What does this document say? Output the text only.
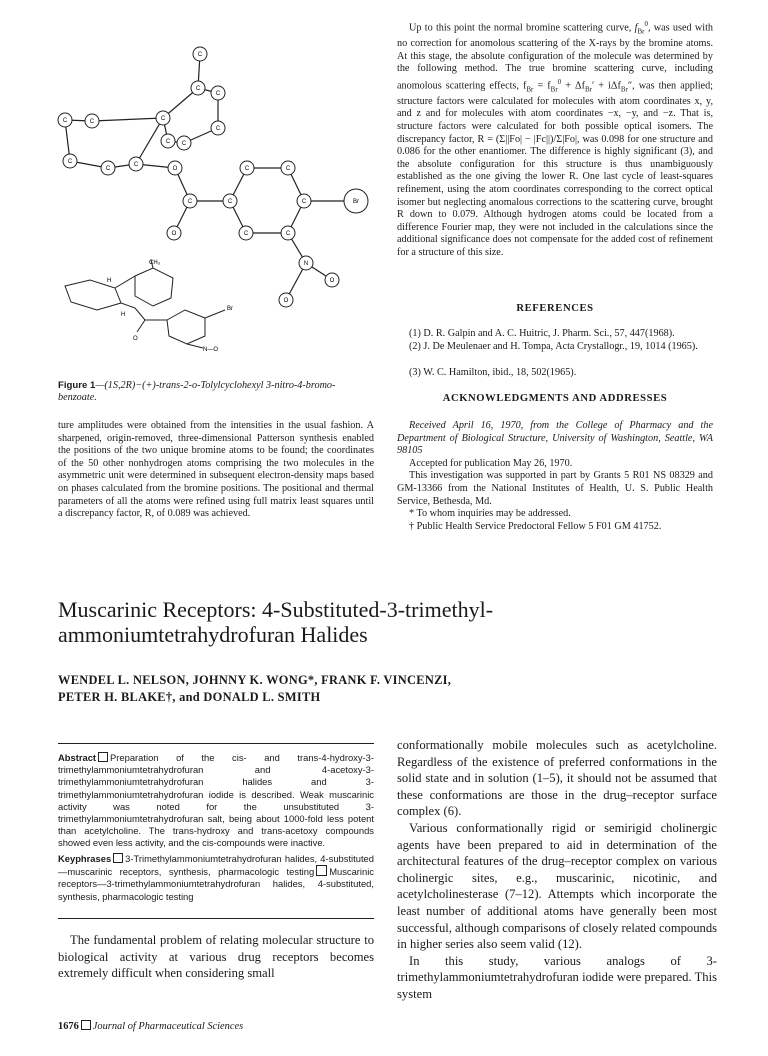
C
C
C
C
C C
C
C
C
C
C
C
O
C
O
C
C	C
C
C
C
Br
N
O
O
CH₃
H
H
Br
N—O
O
Figure 1—(1S,2R)−(+)-trans-2-o-Tolylcyclohexyl 3-nitro-4-bromo-benzoate.

Up to this point the normal bromine scattering curve, $f_{Br}^0$, was used with no correction for anomolous scattering of the X-rays by the bromine atoms. At this stage, the absolute configuration of the molecule was determined by the following method. The true bromine scattering curve, including anomolous scattering effects, $f_{Br} = f_{Br}^0 + \Delta f_{Br}' + i\Delta f_{Br}''$, was then applied; structure factors were calculated for molecules with atom coordinates x, y, and z and for molecules with atom coordinates −x, −y, and −z. That is, structure factors were calculated for both possible optical isomers. The discrepancy factor, R = (Σ||Fo| − |Fc||)/Σ|Fo|, was 0.098 for one structure and 0.086 for the other enantiomer. The difference is highly significant (3), and the absolute configuration for this structure is thus unambiguously established as the one giving the lower R. One last cycle of least-squares refinement, using the atom coordinates corresponding to the correct optical isomer but neglecting anomalous corrections to the scattering curve, brought R down to 0.079. Although hydrogen atoms could be located from a difference Fourier map, they were not included in the calculations since the additional significance does not compensate for the added cost of refinement for a structure of this size.

REFERENCES
(1) D. R. Galpin and A. C. Huitric, J. Pharm. Sci., 57, 447(1968).
(2) J. De Meulenaer and H. Tompa, Acta Crystallogr., 19, 1014 (1965).
(3) W. C. Hamilton, ibid., 18, 502(1965).
ACKNOWLEDGMENTS AND ADDRESSES

Received April 16, 1970, from the College of Pharmacy and the Department of Biological Structure, University of Washington, Seattle, WA 98105

Accepted for publication May 26, 1970.

This investigation was supported in part by Grants 5 R01 NS 08329 and GM-13366 from the National Institutes of Health, U. S. Public Health Service, Bethesda, Md.

* To whom inquiries may be addressed.

† Public Health Service Predoctoral Fellow 5 F01 GM 41752.

ture amplitudes were obtained from the intensities in the usual fashion. A sharpened, origin-removed, three-dimensional Patterson synthesis enabled the positions of the two unique bromine atoms to be found; the coordinates of the 50 other nonhydrogen atoms comprising the two molecules in the asymmetric unit were determined in subsequent electron-density maps based on phases calculated from the bromine positions. The positional and thermal parameters of all the atoms were refined using full matrix least squares until a discrepancy factor, R, of 0.089 was achieved.
Muscarinic Receptors: 4-Substituted-3-trimethyl-
ammoniumtetrahydrofuran Halides
WENDEL L. NELSON, JOHNNY K. WONG*, FRANK F. VINCENZI,
PETER H. BLAKE†, and DONALD L. SMITH
Abstract Preparation of the cis- and trans-4-hydroxy-3-trimethylammoniumtetrahydrofuran and 4-acetoxy-3-trimethylammoniumtetrahydrofuran halides and 3-trimethylammoniumtetrahydrofuran iodide is described. Weak muscarinic activity was noted for the unsubstituted 3-trimethylammoniumtetrahydrofuran salt, being about 1000-fold less potent than acetylcholine. The trans-hydroxy and trans-acetoxy compounds showed even less activity, and the cis-compounds were inactive.
Keyphrases 3-Trimethylammoniumtetrahydrofuran halides, 4-substituted—muscarinic receptors, synthesis, pharmacologic testing Muscarinic receptors—3-trimethylammoniumtetrahydrofuran halides, 4-substituted, synthesis, pharmacologic testing

The fundamental problem of relating molecular structure to biological activity at various drug receptors becomes extremely difficult when considering small

conformationally mobile molecules such as acetylcholine. Regardless of the existence of preferred conformations in the solid state and in solution (1–5), it should not be assumed that these conformations are those in the drug–receptor surface complex (6).

Various conformationally rigid or semirigid cholinergic agents have been prepared to aid in determination of the architectural features of the drug–receptor complex on various cholinergic sites, e.g., muscarinic, nicotinic, and acetylcholinesterase (7–12). Attempts which incorporate the least number of additional atoms have generally been most successful, although comparisons of closely related compounds in higher series also seem valid (12).

In this study, various analogs of 3-trimethylammoniumtetrahydrofuran iodide were prepared. This system

1676 Journal of Pharmaceutical Sciences
